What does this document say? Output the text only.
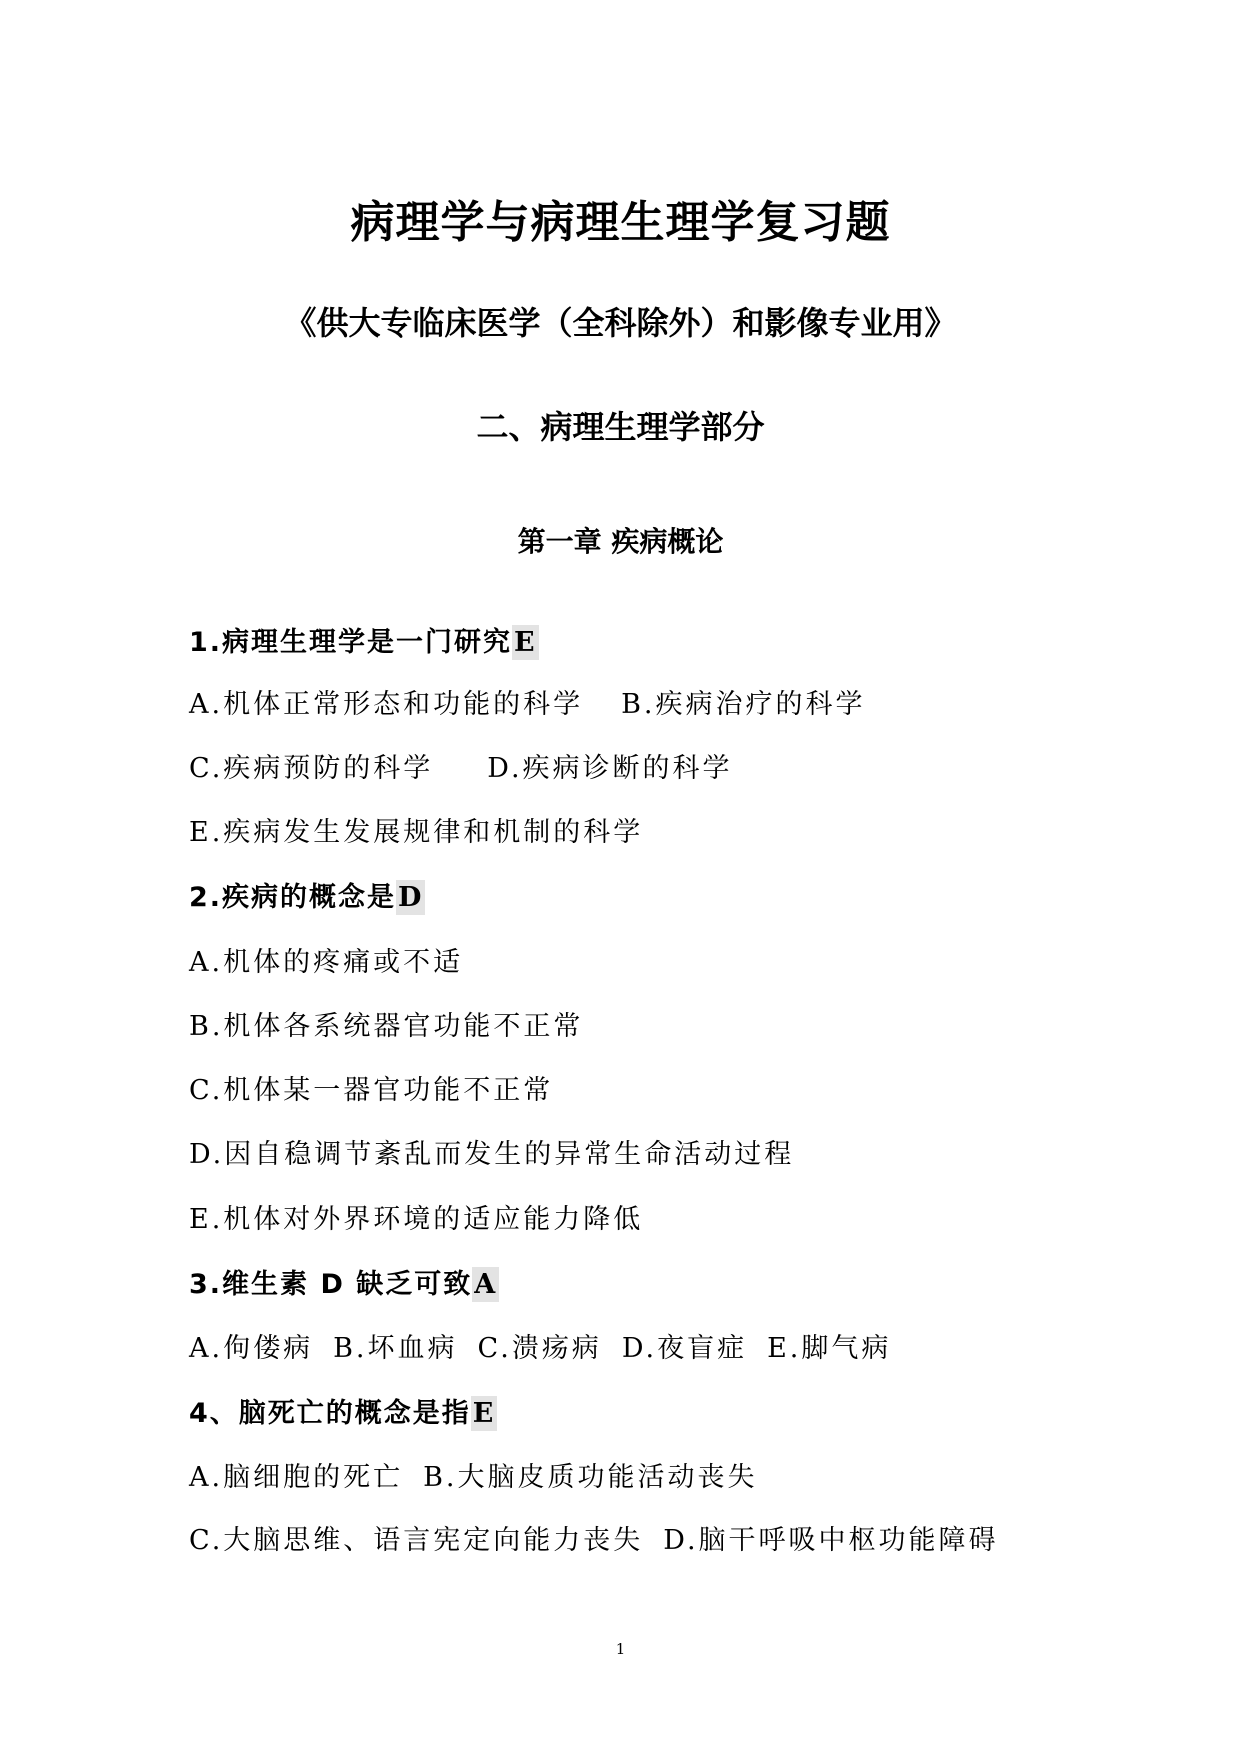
病理学与病理生理学复习题
《供大专临床医学（全科除外）和影像专业用》
二、病理生理学部分
第一章 疾病概论
1.病理生理学是一门研究E
A.机体正常形态和功能的科学 B.疾病治疗的科学
C.疾病预防的科学 D.疾病诊断的科学
E.疾病发生发展规律和机制的科学
2.疾病的概念是D
A.机体的疼痛或不适
B.机体各系统器官功能不正常
C.机体某一器官功能不正常
D.因自稳调节紊乱而发生的异常生命活动过程
E.机体对外界环境的适应能力降低
3.维生素 D 缺乏可致A
A.佝偻病 B.坏血病 C.溃疡病 D.夜盲症 E.脚气病
4、脑死亡的概念是指E
A.脑细胞的死亡 B.大脑皮质功能活动丧失
C.大脑思维、语言宪定向能力丧失 D.脑干呼吸中枢功能障碍
1
